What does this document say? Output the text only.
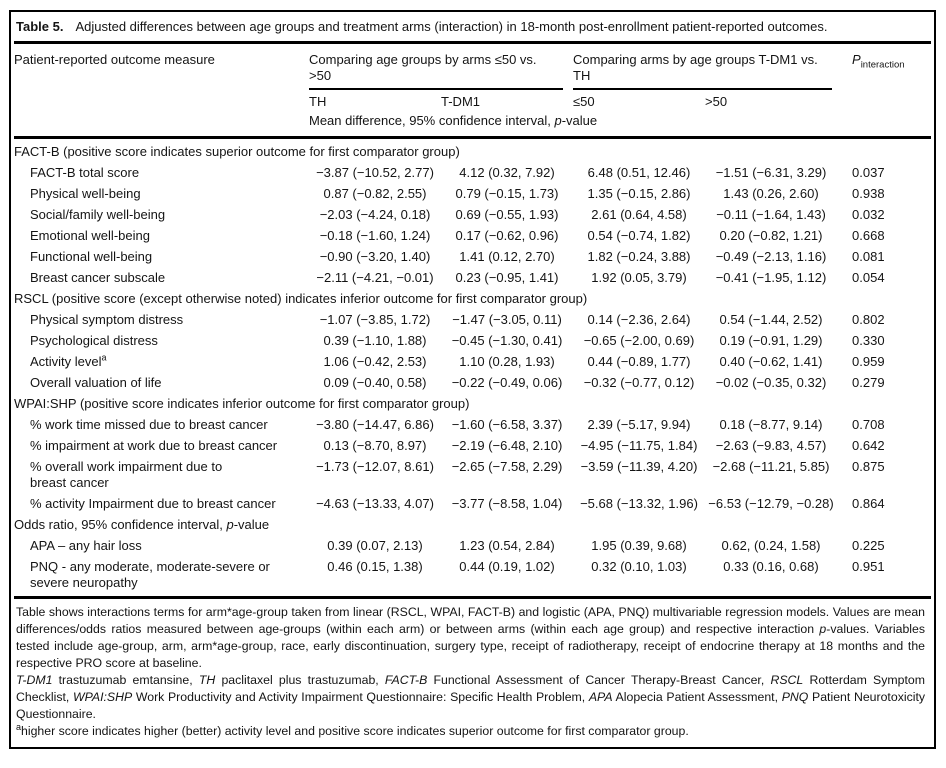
Table 5. Adjusted differences between age groups and treatment arms (interaction) in 18-month post-enrollment patient-reported outcomes.
Patient-reported outcome measure	Comparing age groups by arms ≤50 vs.
>50		Comparing arms by age groups T-DM1 vs.
TH		$P_{interaction}$
	TH	T-DM1	≤50	>50	
	Mean difference, 95% confidence interval, p-value				
FACT-B (positive score indicates superior outcome for first comparator group)					

FACT-B total score	−3.87 (−10.52, 2.77)	4.12 (0.32, 7.92)	6.48 (0.51, 12.46)	−1.51 (−6.31, 3.29)	0.037

Physical well-being	0.87 (−0.82, 2.55)	0.79 (−0.15, 1.73)	1.35 (−0.15, 2.86)	1.43 (0.26, 2.60)	0.938

Social/family well-being	−2.03 (−4.24, 0.18)	0.69 (−0.55, 1.93)	2.61 (0.64, 4.58)	−0.11 (−1.64, 1.43)	0.032

Emotional well-being	−0.18 (−1.60, 1.24)	0.17 (−0.62, 0.96)	0.54 (−0.74, 1.82)	0.20 (−0.82, 1.21)	0.668

Functional well-being	−0.90 (−3.20, 1.40)	1.41 (0.12, 2.70)	1.82 (−0.24, 3.88)	−0.49 (−2.13, 1.16)	0.081

Breast cancer subscale	−2.11 (−4.21, −0.01)	0.23 (−0.95, 1.41)	1.92 (0.05, 3.79)	−0.41 (−1.95, 1.12)	0.054
RSCL (positive score (except otherwise noted) indicates inferior outcome for first comparator group)					

Physical symptom distress	−1.07 (−3.85, 1.72)	−1.47 (−3.05, 0.11)	0.14 (−2.36, 2.64)	0.54 (−1.44, 2.52)	0.802

Psychological distress	0.39 (−1.10, 1.88)	−0.45 (−1.30, 0.41)	−0.65 (−2.00, 0.69)	0.19 (−0.91, 1.29)	0.330

Activity level$^a$	1.06 (−0.42, 2.53)	1.10 (0.28, 1.93)	0.44 (−0.89, 1.77)	0.40 (−0.62, 1.41)	0.959

Overall valuation of life	0.09 (−0.40, 0.58)	−0.22 (−0.49, 0.06)	−0.32 (−0.77, 0.12)	−0.02 (−0.35, 0.32)	0.279
WPAI:SHP (positive score indicates inferior outcome for first comparator group)					

% work time missed due to breast cancer	−3.80 (−14.47, 6.86)	−1.60 (−6.58, 3.37)	2.39 (−5.17, 9.94)	0.18 (−8.77, 9.14)	0.708

% impairment at work due to breast cancer	0.13 (−8.70, 8.97)	−2.19 (−6.48, 2.10)	−4.95 (−11.75, 1.84)	−2.63 (−9.83, 4.57)	0.642

% overall work impairment due to
breast cancer	−1.73 (−12.07, 8.61)	−2.65 (−7.58, 2.29)	−3.59 (−11.39, 4.20)	−2.68 (−11.21, 5.85)	0.875

% activity Impairment due to breast cancer	−4.63 (−13.33, 4.07)	−3.77 (−8.58, 1.04)	−5.68 (−13.32, 1.96)	−6.53 (−12.79, −0.28)	0.864
Odds ratio, 95% confidence interval, p-value					

APA – any hair loss	0.39 (0.07, 2.13)	1.23 (0.54, 2.84)	1.95 (0.39, 9.68)	0.62, (0.24, 1.58)	0.225

PNQ - any moderate, moderate-severe or
severe neuropathy	0.46 (0.15, 1.38)	0.44 (0.19, 1.02)	0.32 (0.10, 1.03)	0.33 (0.16, 0.68)	0.951

Table shows interactions terms for arm*age-group taken from linear (RSCL, WPAI, FACT-B) and logistic (APA, PNQ) multivariable regression models. Values are mean differences/odds ratios measured between age-groups (within each arm) or between arms (within each age group) and respective interaction p-values. Variables tested include age-group, arm, arm*age-group, race, early discontinuation, surgery type, receipt of radiotherapy, receipt of endocrine therapy at 18 months and the respective PRO score at baseline.

T-DM1 trastuzumab emtansine, TH paclitaxel plus trastuzumab, FACT-B Functional Assessment of Cancer Therapy-Breast Cancer, RSCL Rotterdam Symptom Checklist, WPAI:SHP Work Productivity and Activity Impairment Questionnaire: Specific Health Problem, APA Alopecia Patient Assessment, PNQ Patient Neurotoxicity Questionnaire.

$^a$higher score indicates higher (better) activity level and positive score indicates superior outcome for first comparator group.
